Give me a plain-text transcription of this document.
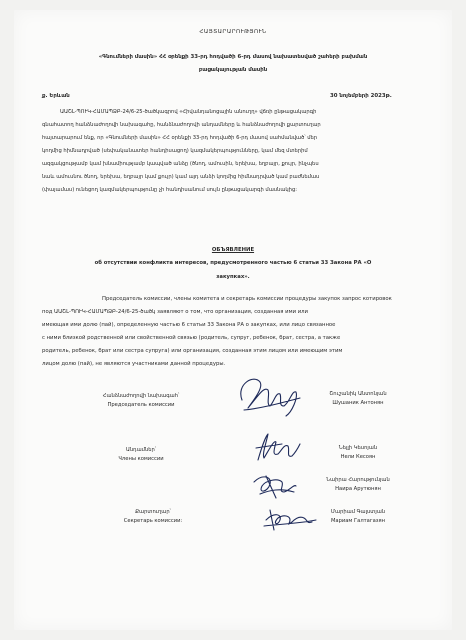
ՀԱՅՏԱՐԱՐՈՒԹՅՈՒՆ
«Գնումների մասին» ՀՀ օրենքի 33-րդ հոդվածի 6-րդ մասով նախատեսված շահերի բախման
բացակայության մասին
ք. Երևան	30 նոյեմբերի 2023թ.
ԱԱՇԼ-ՊՈՒԿ-ՀԱՄԱՊՁԲ-24/6-25-ծածկագրով «Հիվանդանոցային անուղղ» վճռի ընթացակարգի
գնահատող հանձնաժողովի նախագահը, հանձնաժողովի անդամները և հանձնաժողովի քարտուղար
հայտարարում ենք, որ «Գնումների մասին» ՀՀ օրենքի 33-րդ հոդվածի 6-րդ մասով սահմանված՝ մեր
կողմից հիմնադրված (սեփականատեր հանդիսացող) կազմակերպությունները, կամ մեզ մտերիմ
ազգակցությամբ կամ խնամիությամբ կապված անձը (ծնող, ամուսին, երեխա, եղբայր, քույր, ինչպես
նաև ամուսնու ծնող, երեխա, եղբայր կամ քույր) կամ այդ անձի կողմից հիմնադրված կամ բաժնեմաս
(փայամաս) ունեցող կազմակերպությունը չի հանդիսանում սույն ընթացակարգի մասնակից:
ОБЪЯВЛЕНИЕ
об отсутствии конфликта интересов, предусмотренного частью 6 статьи 33 Закона РА «О
закупках».
Председатель комиссии, члены комитета и секретарь комиссии процедуры закупок запрос котировок
под ԱԱՇԼ-ՊՈՒԿ-ՀԱՄԱՊՁԲ-24/6-25-ծածկ заявляют о том, что организация, созданная ими или
имеющая ими долю (пай), определенную частью 6 статьи 33 Закона РА о закупках, или лицо связанное
с ними близкой родственной или свойственной связью (родитель, супруг, ребенок, брат, сестра, а также
родитель, ребенок, брат или сестра супруга) или организация, созданная этим лицом или имеющим этим
лицом долю (пай), не являются участниками данной процедуры.
Հանձնաժողովի նախագահ՝
Председатель комиссии
Շուշանիկ Անտոնյան
Шушаник Антонян
Անդամներ՝
Члены комиссии
Նելլի Կեսոյան
Нели Кесоян
Նաիրա Հարությունյան
Наира Арутюнян
Քարտուղար՝
Секретарь комиссии:
Մարիամ Գալստյան
Мариам Галтагазян
